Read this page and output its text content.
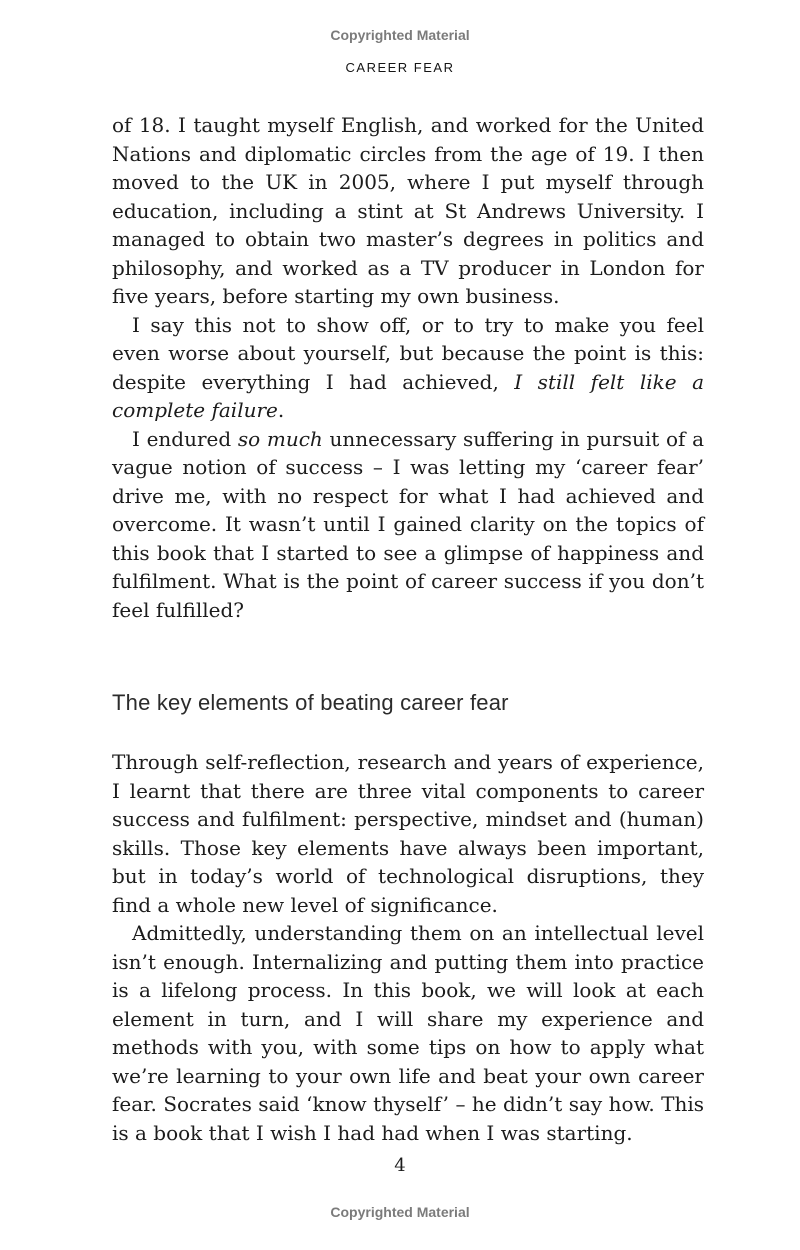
Copyrighted Material
CAREER FEAR

of 18. I taught myself English, and worked for the United Nations and diplomatic circles from the age of 19. I then moved to the UK in 2005, where I put myself through education, including a stint at St Andrews University. I managed to obtain two master’s degrees in politics and philosophy, and worked as a TV producer in London for five years, before starting my own business.

I say this not to show off, or to try to make you feel even worse about yourself, but because the point is this: despite everything I had achieved, I still felt like a complete failure.

I endured so much unnecessary suffering in pursuit of a vague notion of success – I was letting my ‘career fear’ drive me, with no respect for what I had achieved and overcome. It wasn’t until I gained clarity on the topics of this book that I started to see a glimpse of happiness and fulfilment. What is the point of career success if you don’t feel fulfilled?

The key elements of beating career fear

Through self-reflection, research and years of experience, I learnt that there are three vital components to career success and fulfilment: perspective, mindset and (human) skills. Those key elements have always been important, but in today’s world of technological disruptions, they find a whole new level of significance.

Admittedly, understanding them on an intellectual level isn’t enough. Internalizing and putting them into practice is a lifelong process. In this book, we will look at each element in turn, and I will share my experience and methods with you, with some tips on how to apply what we’re learning to your own life and beat your own career fear. Socrates said ‘know thyself’ – he didn’t say how. This is a book that I wish I had had when I was starting.

4
Copyrighted Material
